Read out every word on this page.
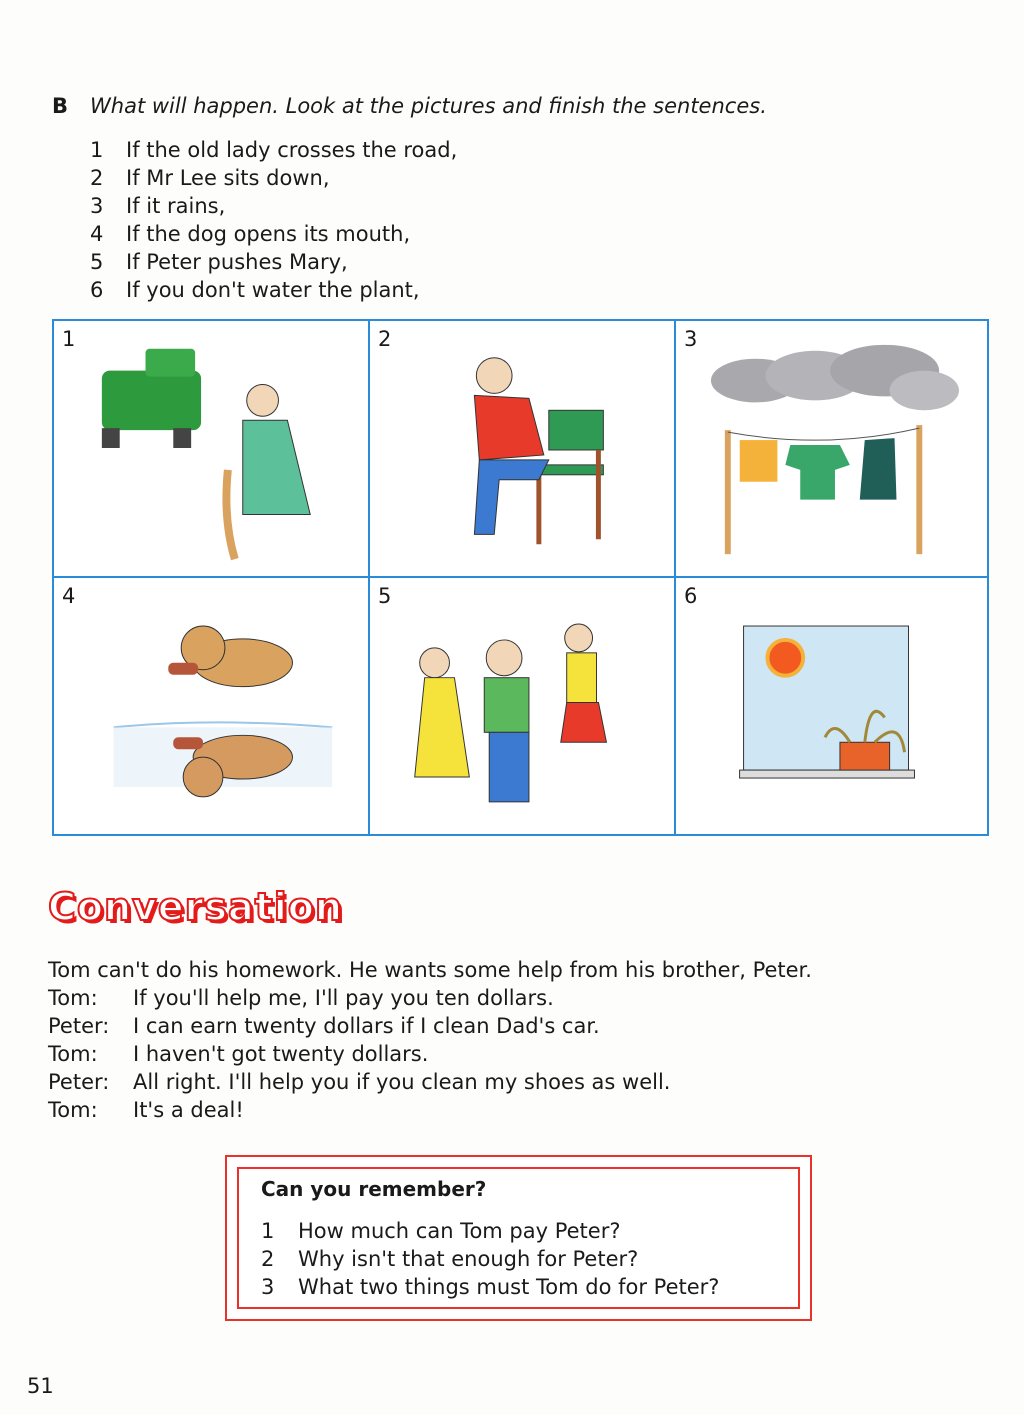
B What will happen. Look at the pictures and finish the sentences.
1 If the old lady crosses the road,
2 If Mr Lee sits down,
3 If it rains,
4 If the dog opens its mouth,
5 If Peter pushes Mary,
6 If you don't water the plant,
1	2	3
4	5	6
Conversation
Tom can't do his homework. He wants some help from his brother, Peter.
Tom: If you'll help me, I'll pay you ten dollars.
Peter: I can earn twenty dollars if I clean Dad's car.
Tom: I haven't got twenty dollars.
Peter: All right. I'll help you if you clean my shoes as well.
Tom: It's a deal!
Can you remember?
1 How much can Tom pay Peter?
2 Why isn't that enough for Peter?
3 What two things must Tom do for Peter?
51
